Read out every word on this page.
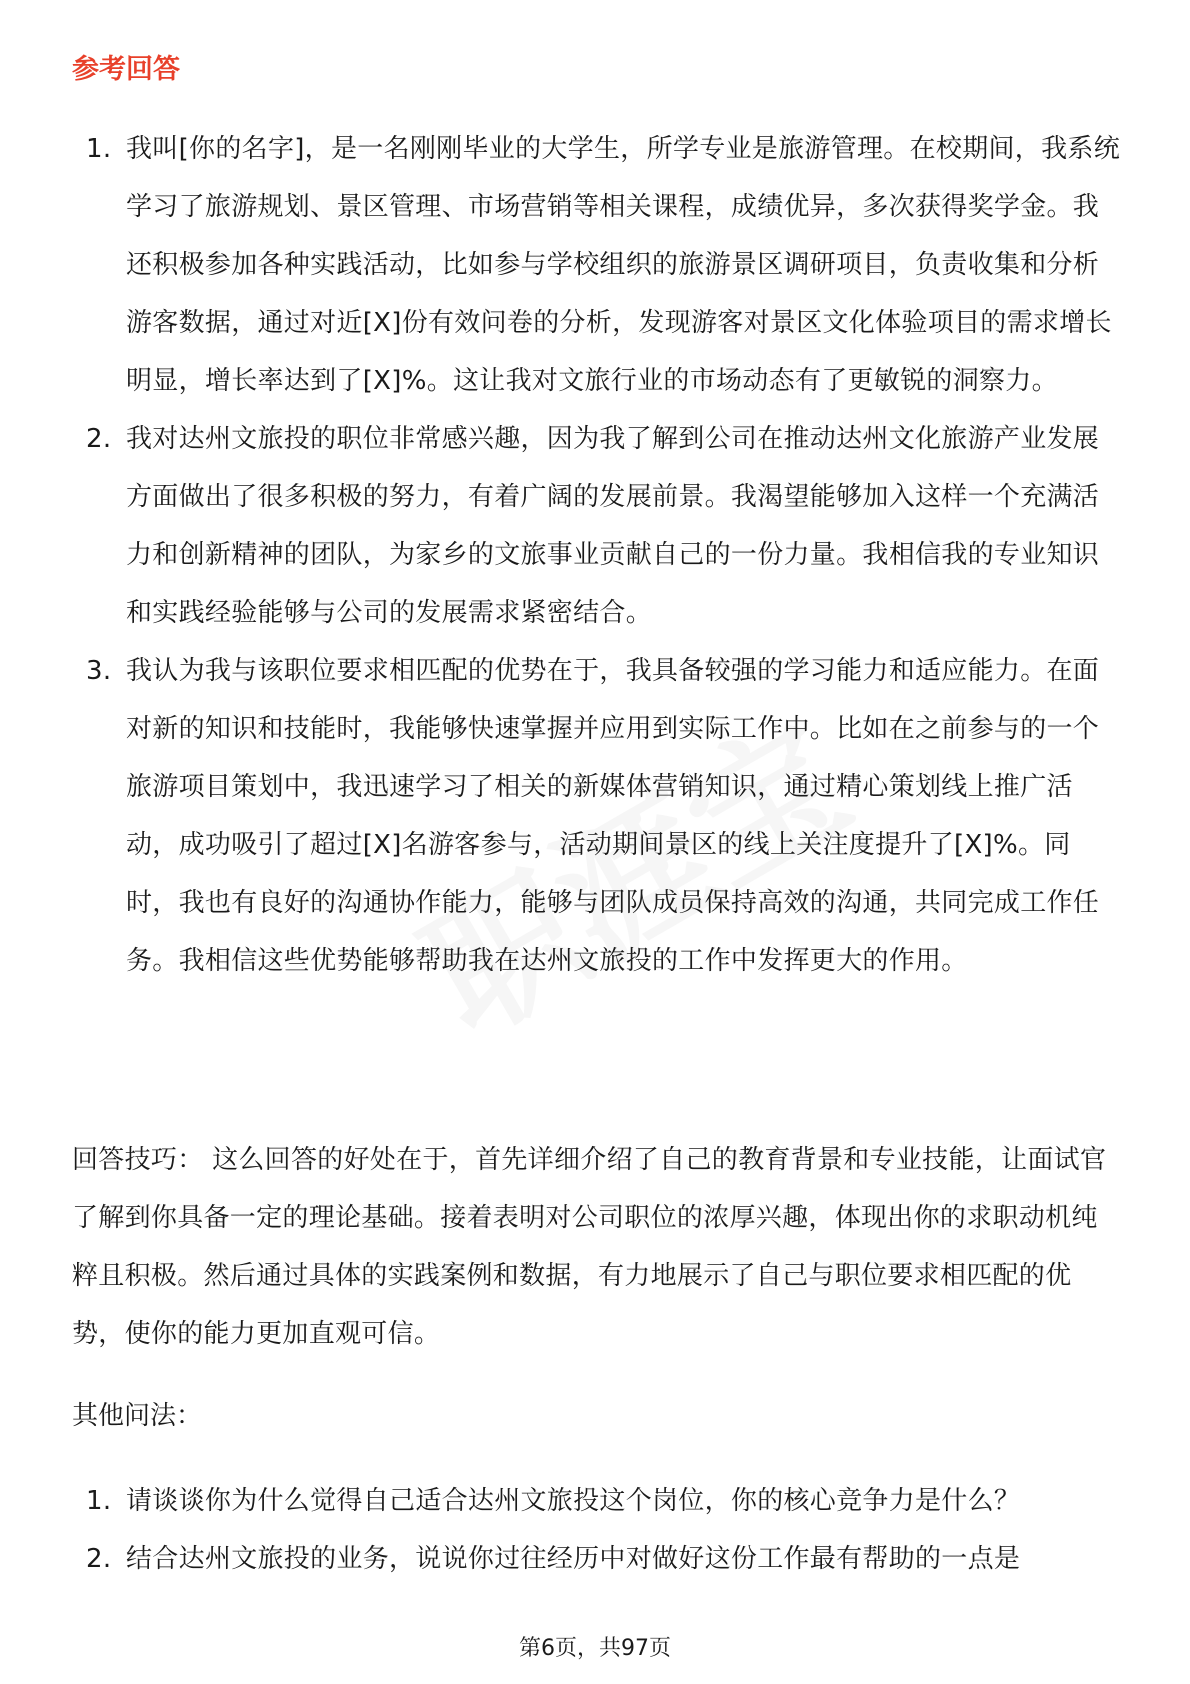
参考回答
1. 我叫[你的名字]，是一名刚刚毕业的大学生，所学专业是旅游管理。在校期间，我系统学习了旅游规划、景区管理、市场营销等相关课程，成绩优异，多次获得奖学金。我还积极参加各种实践活动，比如参与学校组织的旅游景区调研项目，负责收集和分析游客数据，通过对近[X]份有效问卷的分析，发现游客对景区文化体验项目的需求增长明显，增长率达到了[X]%。这让我对文旅行业的市场动态有了更敏锐的洞察力。
2. 我对达州文旅投的职位非常感兴趣，因为我了解到公司在推动达州文化旅游产业发展方面做出了很多积极的努力，有着广阔的发展前景。我渴望能够加入这样一个充满活力和创新精神的团队，为家乡的文旅事业贡献自己的一份力量。我相信我的专业知识和实践经验能够与公司的发展需求紧密结合。
3. 我认为我与该职位要求相匹配的优势在于，我具备较强的学习能力和适应能力。在面对新的知识和技能时，我能够快速掌握并应用到实际工作中。比如在之前参与的一个旅游项目策划中，我迅速学习了相关的新媒体营销知识，通过精心策划线上推广活动，成功吸引了超过[X]名游客参与，活动期间景区的线上关注度提升了[X]%。同时，我也有良好的沟通协作能力，能够与团队成员保持高效的沟通，共同完成工作任务。我相信这些优势能够帮助我在达州文旅投的工作中发挥更大的作用。

回答技巧： 这么回答的好处在于，首先详细介绍了自己的教育背景和专业技能，让面试官了解到你具备一定的理论基础。接着表明对公司职位的浓厚兴趣，体现出你的求职动机纯粹且积极。然后通过具体的实践案例和数据，有力地展示了自己与职位要求相匹配的优势，使你的能力更加直观可信。

其他问法：

1. 请谈谈你为什么觉得自己适合达州文旅投这个岗位，你的核心竞争力是什么？
2. 结合达州文旅投的业务，说说你过往经历中对做好这份工作最有帮助的一点是
第6页，共97页
